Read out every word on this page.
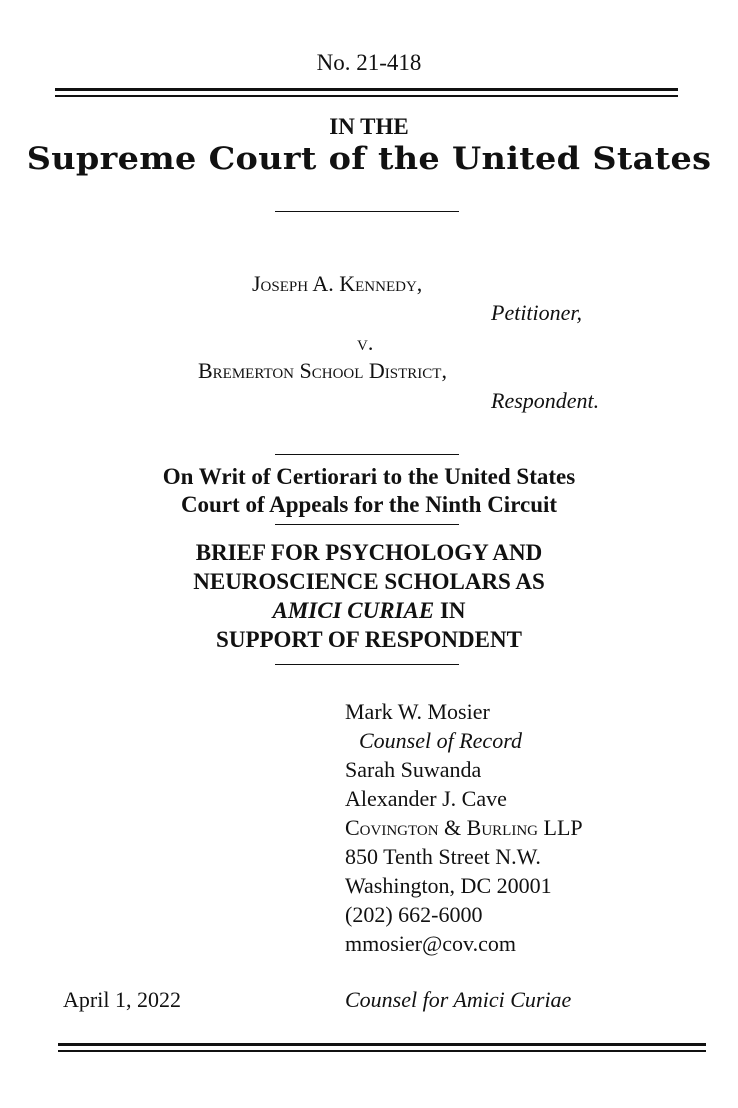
No. 21-418
IN THE
Supreme Court of the United States
Joseph A. Kennedy,
Petitioner,
v.
Bremerton School District,
Respondent.
On Writ of Certiorari to the United States
Court of Appeals for the Ninth Circuit
BRIEF FOR PSYCHOLOGY AND
NEUROSCIENCE SCHOLARS AS
AMICI CURIAE IN
SUPPORT OF RESPONDENT
Mark W. Mosier
Counsel of Record
Sarah Suwanda
Alexander J. Cave
Covington & Burling LLP
850 Tenth Street N.W.
Washington, DC 20001
(202) 662-6000
mmosier@cov.com
April 1, 2022	Counsel for Amici Curiae
